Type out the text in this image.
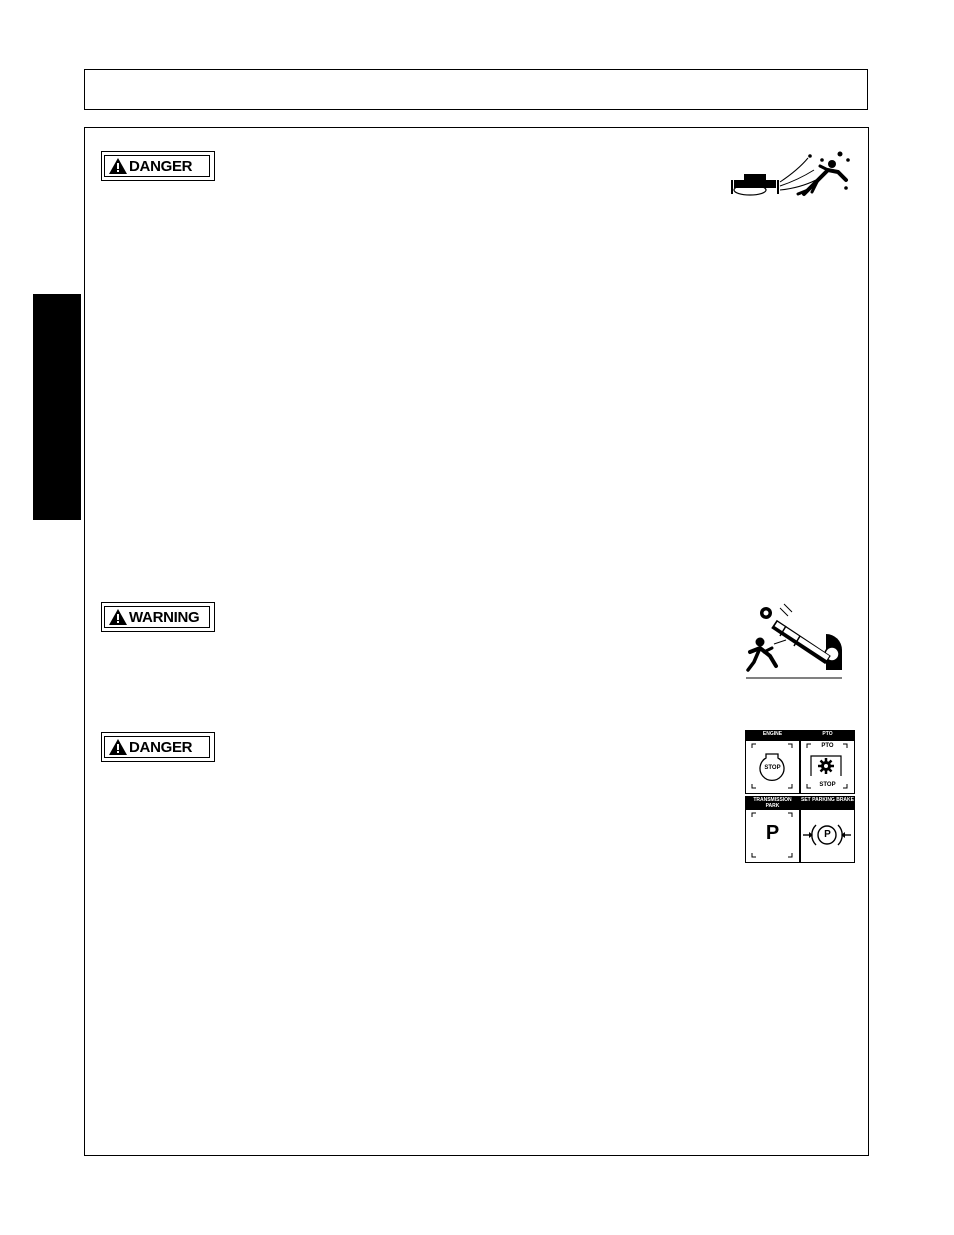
DANGER
WARNING
DANGER
ENGINE
STOP
PTO
PTO
STOP
TRANSMISSION PARK
P
SET PARKING BRAKE
P
